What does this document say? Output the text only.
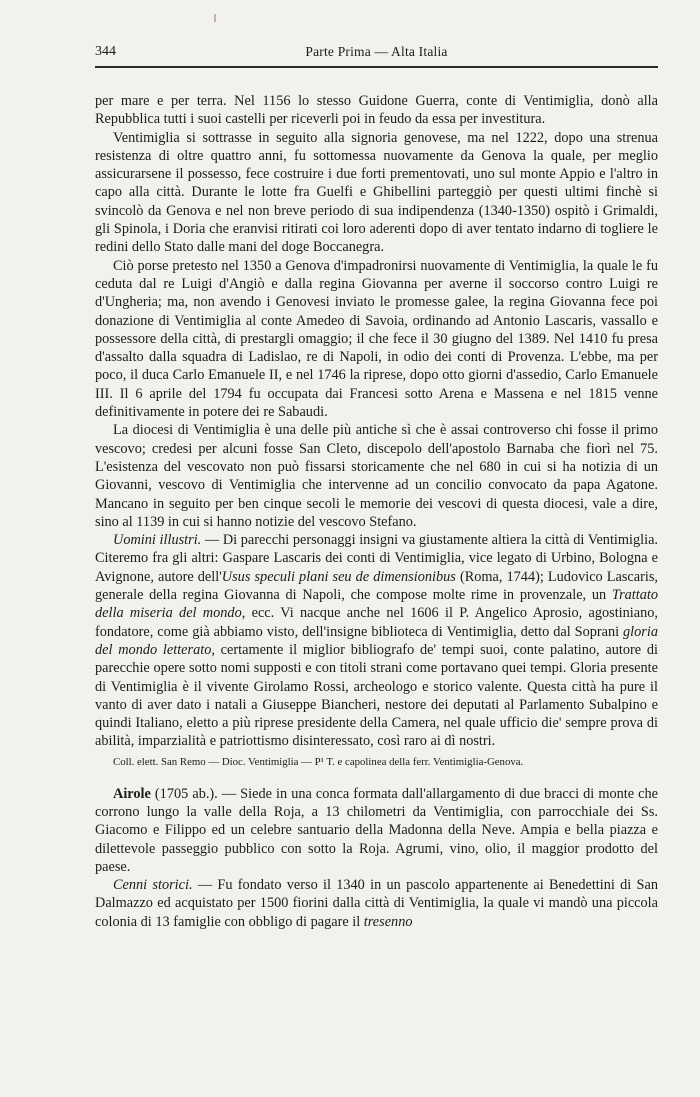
344	Parte Prima — Alta Italia

per mare e per terra. Nel 1156 lo stesso Guidone Guerra, conte di Ventimiglia, donò alla Repubblica tutti i suoi castelli per riceverli poi in feudo da essa per investitura.

Ventimiglia si sottrasse in seguito alla signoria genovese, ma nel 1222, dopo una strenua resistenza di oltre quattro anni, fu sottomessa nuovamente da Genova la quale, per meglio assicurarsene il possesso, fece costruire i due forti prementovati, uno sul monte Appio e l'altro in capo alla città. Durante le lotte fra Guelfi e Ghibellini parteggiò per questi ultimi finchè si svincolò da Genova e nel non breve periodo di sua indipendenza (1340-1350) ospitò i Grimaldi, gli Spinola, i Doria che eranvisi ritirati coi loro aderenti dopo di aver tentato indarno di togliere le redini dello Stato dalle mani del doge Boccanegra.

Ciò porse pretesto nel 1350 a Genova d'impadronirsi nuovamente di Ventimiglia, la quale le fu ceduta dal re Luigi d'Angiò e dalla regina Giovanna per averne il soccorso contro Luigi re d'Ungheria; ma, non avendo i Genovesi inviato le promesse galee, la regina Giovanna fece poi donazione di Ventimiglia al conte Amedeo di Savoia, ordinando ad Antonio Lascaris, vassallo e possessore della città, di prestargli omaggio; il che fece il 30 giugno del 1389. Nel 1410 fu presa d'assalto dalla squadra di Ladislao, re di Napoli, in odio dei conti di Provenza. L'ebbe, ma per poco, il duca Carlo Emanuele II, e nel 1746 la riprese, dopo otto giorni d'assedio, Carlo Emanuele III. Il 6 aprile del 1794 fu occupata dai Francesi sotto Arena e Massena e nel 1815 venne definitivamente in potere dei re Sabaudi.

La diocesi di Ventimiglia è una delle più antiche sì che è assai controverso chi fosse il primo vescovo; credesi per alcuni fosse San Cleto, discepolo dell'apostolo Barnaba che fiorì nel 75. L'esistenza del vescovato non può fissarsi storicamente che nel 680 in cui si ha notizia di un Giovanni, vescovo di Ventimiglia che intervenne ad un concilio convocato da papa Agatone. Mancano in seguito per ben cinque secoli le memorie dei vescovi di questa diocesi, vale a dire, sino al 1139 in cui si hanno notizie del vescovo Stefano.

Uomini illustri. — Di parecchi personaggi insigni va giustamente altiera la città di Ventimiglia. Citeremo fra gli altri: Gaspare Lascaris dei conti di Ventimiglia, vice legato di Urbino, Bologna e Avignone, autore dell'Usus speculi plani seu de dimensionibus (Roma, 1744); Ludovico Lascaris, generale della regina Giovanna di Napoli, che compose molte rime in provenzale, un Trattato della miseria del mondo, ecc. Vi nacque anche nel 1606 il P. Angelico Aprosio, agostiniano, fondatore, come già abbiamo visto, dell'insigne biblioteca di Ventimiglia, detto dal Soprani gloria del mondo letterato, certamente il miglior bibliografo de' tempi suoi, conte palatino, autore di parecchie opere sotto nomi supposti e con titoli strani come portavano quei tempi. Gloria presente di Ventimiglia è il vivente Girolamo Rossi, archeologo e storico valente. Questa città ha pure il vanto di aver dato i natali a Giuseppe Biancheri, nestore dei deputati al Parlamento Subalpino e quindi Italiano, eletto a più riprese presidente della Camera, nel quale ufficio die' sempre prova di abilità, imparzialità e patriottismo disinteressato, così raro ai dì nostri.

Coll. elett. San Remo — Dioc. Ventimiglia — P¹ T. e capolinea della ferr. Ventimiglia-Genova.

Airole (1705 ab.). — Siede in una conca formata dall'allargamento di due bracci di monte che corrono lungo la valle della Roja, a 13 chilometri da Ventimiglia, con parrocchiale dei Ss. Giacomo e Filippo ed un celebre santuario della Madonna della Neve. Ampia e bella piazza e dilettevole passeggio pubblico con sotto la Roja. Agrumi, vino, olio, il maggior prodotto del paese.

Cenni storici. — Fu fondato verso il 1340 in un pascolo appartenente ai Benedettini di San Dalmazzo ed acquistato per 1500 fiorini dalla città di Ventimiglia, la quale vi mandò una piccola colonia di 13 famiglie con obbligo di pagare il tresenno
